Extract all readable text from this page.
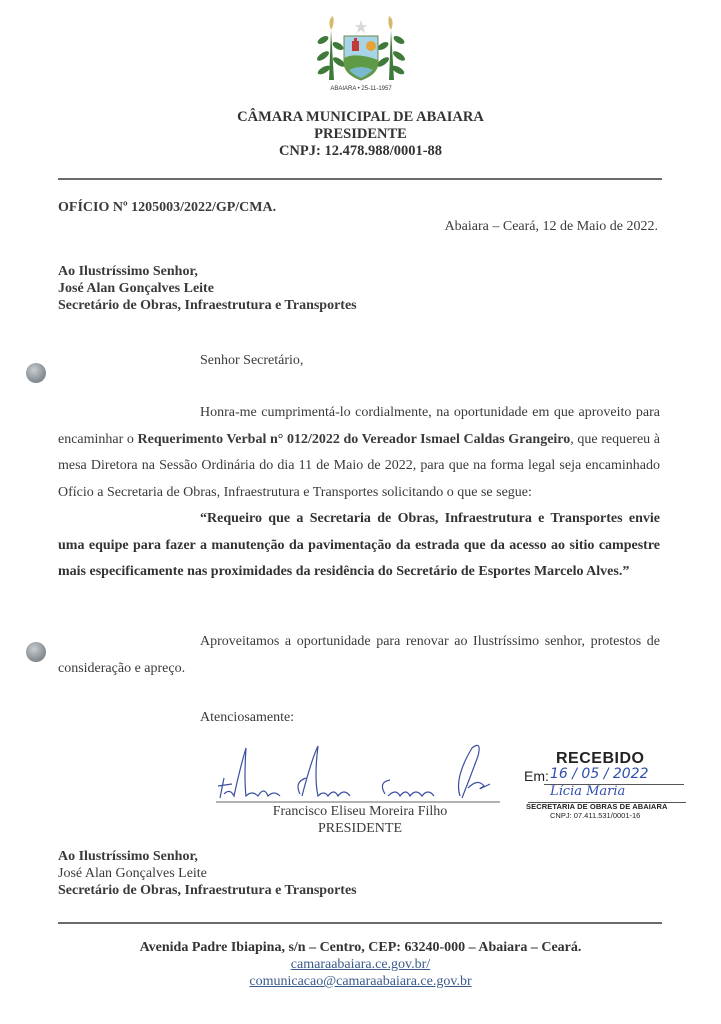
ABAIARA • 25-11-1957
CÂMARA MUNICIPAL DE ABAIARA
PRESIDENTE
CNPJ: 12.478.988/0001-88
OFÍCIO Nº 1205003/2022/GP/CMA.
Abaiara – Ceará, 12 de Maio de 2022.
Ao Ilustríssimo Senhor,
José Alan Gonçalves Leite
Secretário de Obras, Infraestrutura e Transportes
Senhor Secretário,
Honra-me cumprimentá-lo cordialmente, na oportunidade em que aproveito para encaminhar o Requerimento Verbal n° 012/2022 do Vereador Ismael Caldas Grangeiro, que requereu à mesa Diretora na Sessão Ordinária do dia 11 de Maio de 2022, para que na forma legal seja encaminhado Ofício a Secretaria de Obras, Infraestrutura e Transportes solicitando o que se segue:
“Requeiro que a Secretaria de Obras, Infraestrutura e Transportes envie uma equipe para fazer a manutenção da pavimentação da estrada que da acesso ao sitio campestre mais especificamente nas proximidades da residência do Secretário de Esportes Marcelo Alves.”
Aproveitamos a oportunidade para renovar ao Ilustríssimo senhor, protestos de consideração e apreço.
Atenciosamente:
Francisco Eliseu Moreira Filho
PRESIDENTE
RECEBIDO
Em: 16 / 05 / 2022
Lícia Maria
SECRETARIA DE OBRAS DE ABAIARA
CNPJ: 07.411.531/0001-16
Ao Ilustríssimo Senhor,
José Alan Gonçalves Leite
Secretário de Obras, Infraestrutura e Transportes
Avenida Padre Ibiapina, s/n – Centro, CEP: 63240-000 – Abaiara – Ceará.
camaraabaiara.ce.gov.br/
comunicacao@camaraabaiara.ce.gov.br
